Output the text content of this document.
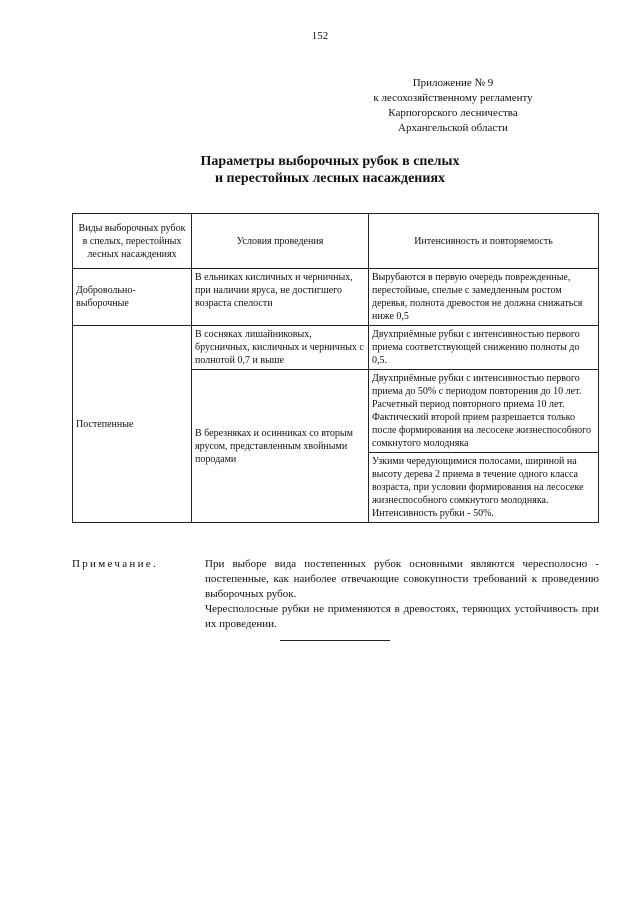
152
Приложение № 9
к лесохозяйственному регламенту
Карпогорского лесничества
Архангельской области
Параметры выборочных рубок в спелых
и перестойных лесных насаждениях
Виды выборочных рубок в спелых, перестойных лесных насаждениях	Условия проведения	Интенсивность и повторяемость
Добровольно-выборочные	В ельниках кисличных и черничных, при наличии яруса, не достигшего возраста спелости	Вырубаются в первую очередь поврежденные, перестойные, спелые с замедленным ростом деревья, полнота древостоя не должна снижаться ниже 0,5
Постепенные	В сосняках лишайниковых, брусничных, кисличных и черничных с полнотой 0,7 и выше	Двухприёмные рубки с интенсивностью первого приема соответствующей снижению полноты до 0,5.
	В березняках и осинниках со вторым ярусом, представленным хвойными породами	Двухприёмные рубки с интенсивностью первого приема до 50% с периодом повторения до 10 лет. Расчетный период повторного приема 10 лет. Фактический второй прием разрешается только после формирования на лесосеке жизнеспособного сомкнутого молодняка
		Узкими чередующимися полосами, шириной на высоту дерева 2 приема в течение одного класса возраста, при условии формирования на лесосеке жизнеспособного сомкнутого молодняка. Интенсивность рубки - 50%.
Примечание.	При выборе вида постепенных рубок основными являются чересполосно - постепенные, как наиболее отвечающие совокупности требований к проведению выборочных рубок.

Чересполосные рубки не применяются в древостоях, теряющих устойчивость при их проведении.
